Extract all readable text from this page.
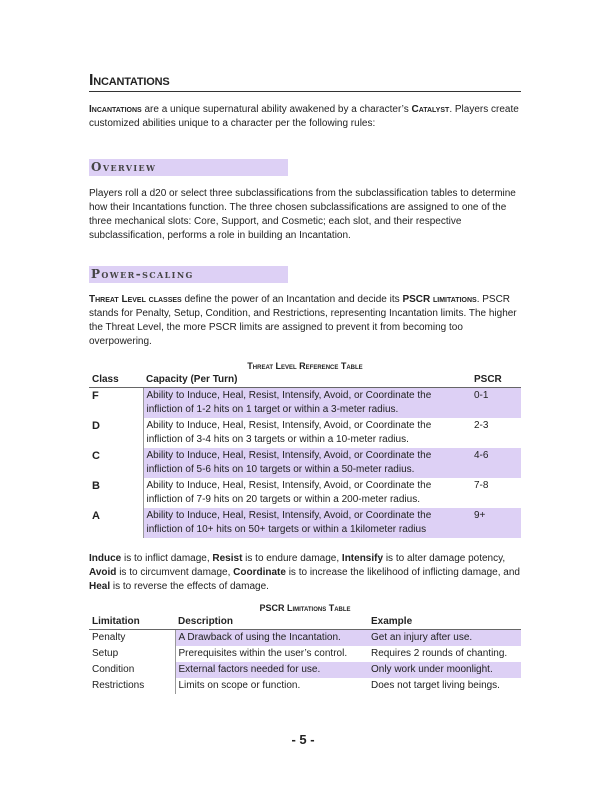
Incantations
Incantations are a unique supernatural ability awakened by a character’s Catalyst. Players create customized abilities unique to a character per the following rules:
Overview
Players roll a d20 or select three subclassifications from the subclassification tables to determine how their Incantations function. The three chosen subclassifications are assigned to one of the three mechanical slots: Core, Support, and Cosmetic; each slot, and their respective subclassification, performs a role in building an Incantation.
Power-scaling
Threat Level classes define the power of an Incantation and decide its PSCR limitations. PSCR stands for Penalty, Setup, Condition, and Restrictions, representing Incantation limits. The higher the Threat Level, the more PSCR limits are assigned to prevent it from becoming too overpowering.
Threat Level Reference Table
Class	Capacity (Per Turn)	PSCR
F	Ability to Induce, Heal, Resist, Intensify, Avoid, or Coordinate the infliction of 1-2 hits on 1 target or within a 3-meter radius.	0-1
D	Ability to Induce, Heal, Resist, Intensify, Avoid, or Coordinate the infliction of 3-4 hits on 3 targets or within a 10-meter radius.	2-3
C	Ability to Induce, Heal, Resist, Intensify, Avoid, or Coordinate the infliction of 5-6 hits on 10 targets or within a 50-meter radius.	4-6
B	Ability to Induce, Heal, Resist, Intensify, Avoid, or Coordinate the infliction of 7-9 hits on 20 targets or within a 200-meter radius.	7-8
A	Ability to Induce, Heal, Resist, Intensify, Avoid, or Coordinate the infliction of 10+ hits on 50+ targets or within a 1kilometer radius	9+
Induce is to inflict damage, Resist is to endure damage, Intensify is to alter damage potency, Avoid is to circumvent damage, Coordinate is to increase the likelihood of inflicting damage, and Heal is to reverse the effects of damage.
PSCR Limitations Table
Limitation	Description	Example
Penalty	A Drawback of using the Incantation.	Get an injury after use.
Setup	Prerequisites within the user’s control.	Requires 2 rounds of chanting.
Condition	External factors needed for use.	Only work under moonlight.
Restrictions	Limits on scope or function.	Does not target living beings.
- 5 -
